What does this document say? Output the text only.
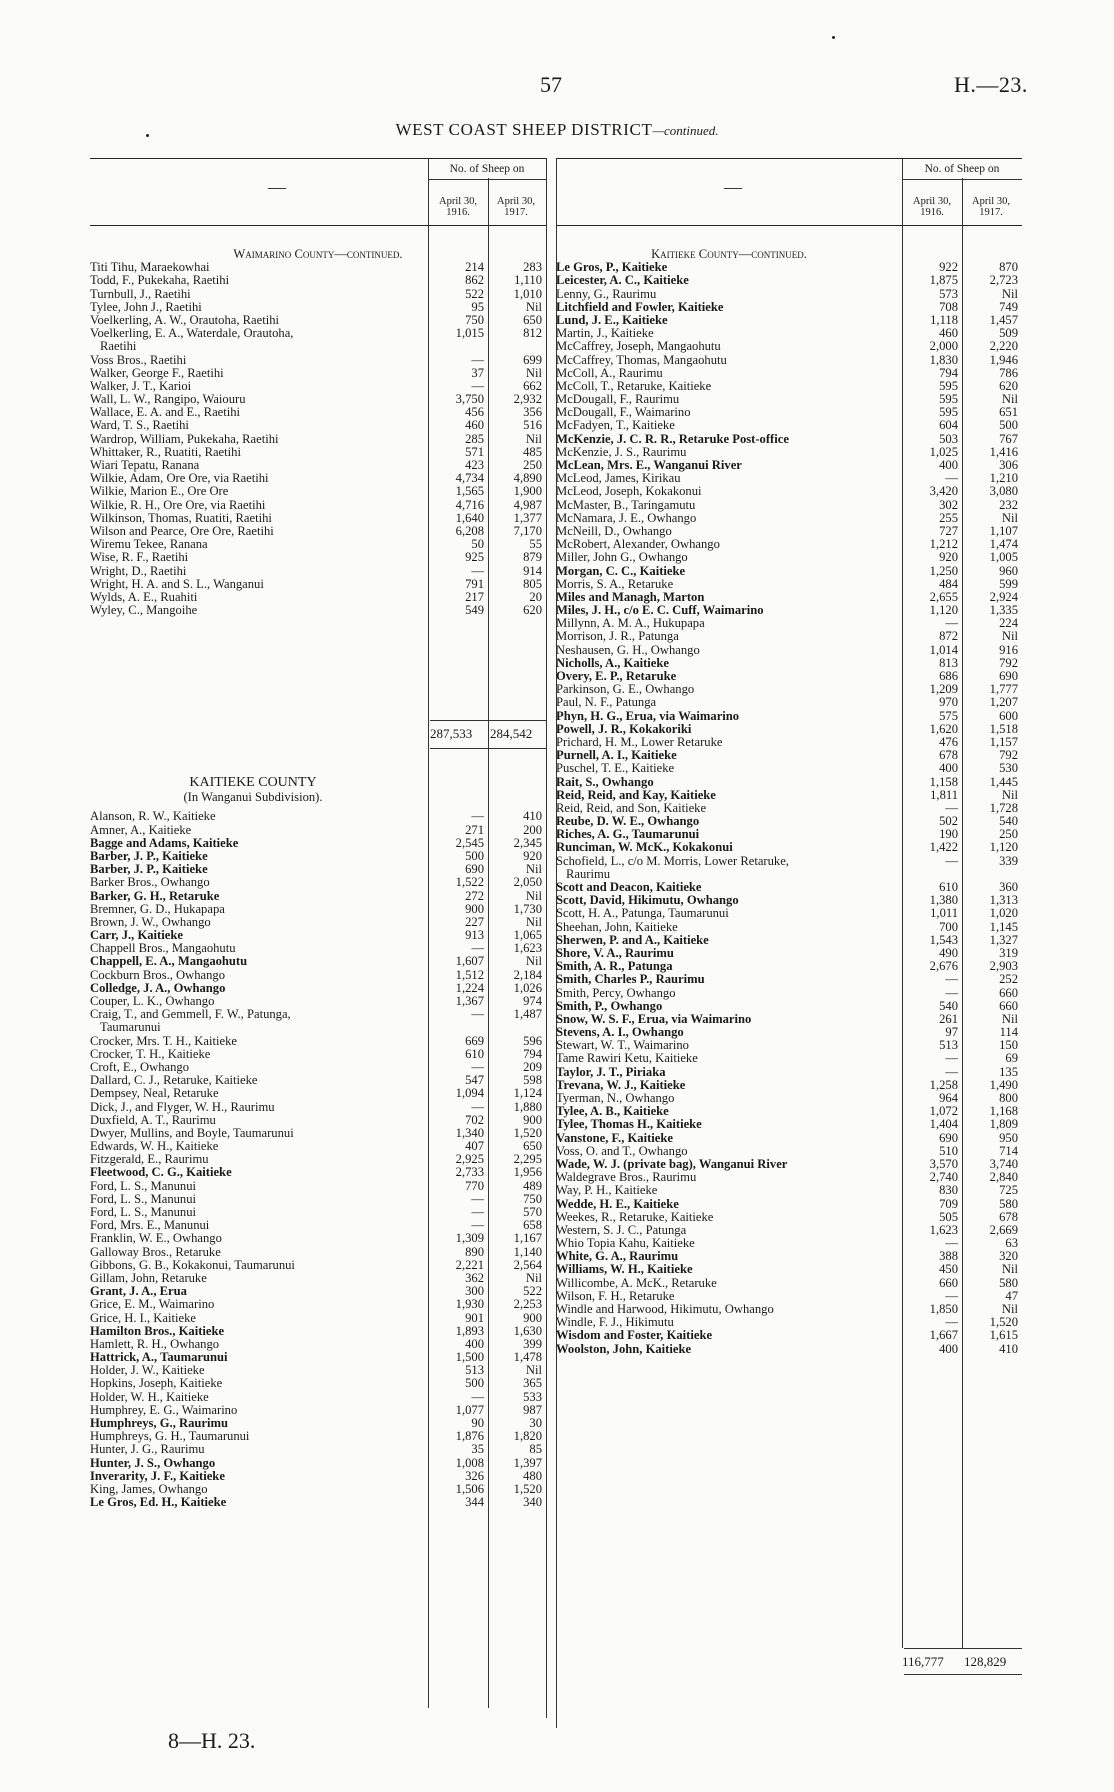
57	H.—23.
WEST COAST SHEEP DISTRICT—continued.
—
No. of Sheep on
April 30, 1916.
April 30, 1917.
Waimarino County—continued.
Titi Tihu, Maraekowhai	214	283
Todd, F., Pukekaha, Raetihi	862	1,110
Turnbull, J., Raetihi	522	1,010
Tylee, John J., Raetihi	95	Nil
Voelkerling, A. W., Orautoha, Raetihi	750	650
Voelkerling, E. A., Waterdale, Orautoha,	1,015	812
Raetihi
Voss Bros., Raetihi	—	699
Walker, George F., Raetihi	37	Nil
Walker, J. T., Karioi	—	662
Wall, L. W., Rangipo, Waiouru	3,750	2,932
Wallace, E. A. and E., Raetihi	456	356
Ward, T. S., Raetihi	460	516
Wardrop, William, Pukekaha, Raetihi	285	Nil
Whittaker, R., Ruatiti, Raetihi	571	485
Wiari Tepatu, Ranana	423	250
Wilkie, Adam, Ore Ore, via Raetihi	4,734	4,890
Wilkie, Marion E., Ore Ore	1,565	1,900
Wilkie, R. H., Ore Ore, via Raetihi	4,716	4,987
Wilkinson, Thomas, Ruatiti, Raetihi	1,640	1,377
Wilson and Pearce, Ore Ore, Raetihi	6,208	7,170
Wiremu Tekee, Ranana	50	55
Wise, R. F., Raetihi	925	879
Wright, D., Raetihi	—	914
Wright, H. A. and S. L., Wanganui	791	805
Wylds, A. E., Ruahiti	217	20
Wyley, C., Mangoihe	549	620
287,533 284,542
KAITIEKE COUNTY
(In Wanganui Subdivision).
Alanson, R. W., Kaitieke	—	410
Amner, A., Kaitieke	271	200
Bagge and Adams, Kaitieke	2,545	2,345
Barber, J. P., Kaitieke	500	920
Barber, J. P., Kaitieke	690	Nil
Barker Bros., Owhango	1,522	2,050
Barker, G. H., Retaruke	272	Nil
Bremner, G. D., Hukapapa	900	1,730
Brown, J. W., Owhango	227	Nil
Carr, J., Kaitieke	913	1,065
Chappell Bros., Mangaohutu	—	1,623
Chappell, E. A., Mangaohutu	1,607	Nil
Cockburn Bros., Owhango	1,512	2,184
Colledge, J. A., Owhango	1,224	1,026
Couper, L. K., Owhango	1,367	974
Craig, T., and Gemmell, F. W., Patunga,	—	1,487
Taumarunui
Crocker, Mrs. T. H., Kaitieke	669	596
Crocker, T. H., Kaitieke	610	794
Croft, E., Owhango	—	209
Dallard, C. J., Retaruke, Kaitieke	547	598
Dempsey, Neal, Retaruke	1,094	1,124
Dick, J., and Flyger, W. H., Raurimu	—	1,880
Duxfield, A. T., Raurimu	702	900
Dwyer, Mullins, and Boyle, Taumarunui	1,340	1,520
Edwards, W. H., Kaitieke	407	650
Fitzgerald, E., Raurimu	2,925	2,295
Fleetwood, C. G., Kaitieke	2,733	1,956
Ford, L. S., Manunui	770	489
Ford, L. S., Manunui	—	750
Ford, L. S., Manunui	—	570
Ford, Mrs. E., Manunui	—	658
Franklin, W. E., Owhango	1,309	1,167
Galloway Bros., Retaruke	890	1,140
Gibbons, G. B., Kokakonui, Taumarunui	2,221	2,564
Gillam, John, Retaruke	362	Nil
Grant, J. A., Erua	300	522
Grice, E. M., Waimarino	1,930	2,253
Grice, H. I., Kaitieke	901	900
Hamilton Bros., Kaitieke	1,893	1,630
Hamlett, R. H., Owhango	400	399
Hattrick, A., Taumarunui	1,500	1,478
Holder, J. W., Kaitieke	513	Nil
Hopkins, Joseph, Kaitieke	500	365
Holder, W. H., Kaitieke	—	533
Humphrey, E. G., Waimarino	1,077	987
Humphreys, G., Raurimu	90	30
Humphreys, G. H., Taumarunui	1,876	1,820
Hunter, J. G., Raurimu	35	85
Hunter, J. S., Owhango	1,008	1,397
Inverarity, J. F., Kaitieke	326	480
King, James, Owhango	1,506	1,520
Le Gros, Ed. H., Kaitieke	344	340
—
No. of Sheep on
April 30, 1916.
April 30, 1917.
Kaitieke County—continued.
Le Gros, P., Kaitieke	922	870
Leicester, A. C., Kaitieke	1,875	2,723
Lenny, G., Raurimu	573	Nil
Litchfield and Fowler, Kaitieke	708	749
Lund, J. E., Kaitieke	1,118	1,457
Martin, J., Kaitieke	460	509
McCaffrey, Joseph, Mangaohutu	2,000	2,220
McCaffrey, Thomas, Mangaohutu	1,830	1,946
McColl, A., Raurimu	794	786
McColl, T., Retaruke, Kaitieke	595	620
McDougall, F., Raurimu	595	Nil
McDougall, F., Waimarino	595	651
McFadyen, T., Kaitieke	604	500
McKenzie, J. C. R. R., Retaruke Post-office	503	767
McKenzie, J. S., Raurimu	1,025	1,416
McLean, Mrs. E., Wanganui River	400	306
McLeod, James, Kirikau	—	1,210
McLeod, Joseph, Kokakonui	3,420	3,080
McMaster, B., Taringamutu	302	232
McNamara, J. E., Owhango	255	Nil
McNeill, D., Owhango	727	1,107
McRobert, Alexander, Owhango	1,212	1,474
Miller, John G., Owhango	920	1,005
Morgan, C. C., Kaitieke	1,250	960
Morris, S. A., Retaruke	484	599
Miles and Managh, Marton	2,655	2,924
Miles, J. H., c/o E. C. Cuff, Waimarino	1,120	1,335
Millynn, A. M. A., Hukupapa	—	224
Morrison, J. R., Patunga	872	Nil
Neshausen, G. H., Owhango	1,014	916
Nicholls, A., Kaitieke	813	792
Overy, E. P., Retaruke	686	690
Parkinson, G. E., Owhango	1,209	1,777
Paul, N. F., Patunga	970	1,207
Phyn, H. G., Erua, via Waimarino	575	600
Powell, J. R., Kokakoriki	1,620	1,518
Prichard, H. M., Lower Retaruke	476	1,157
Purnell, A. I., Kaitieke	678	792
Puschel, T. E., Kaitieke	400	530
Rait, S., Owhango	1,158	1,445
Reid, Reid, and Kay, Kaitieke	1,811	Nil
Reid, Reid, and Son, Kaitieke	—	1,728
Reube, D. W. E., Owhango	502	540
Riches, A. G., Taumarunui	190	250
Runciman, W. McK., Kokakonui	1,422	1,120
Schofield, L., c/o M. Morris, Lower Retaruke,	—	339
Raurimu
Scott and Deacon, Kaitieke	610	360
Scott, David, Hikimutu, Owhango	1,380	1,313
Scott, H. A., Patunga, Taumarunui	1,011	1,020
Sheehan, John, Kaitieke	700	1,145
Sherwen, P. and A., Kaitieke	1,543	1,327
Shore, V. A., Raurimu	490	319
Smith, A. R., Patunga	2,676	2,903
Smith, Charles P., Raurimu	—	252
Smith, Percy, Owhango	—	660
Smith, P., Owhango	540	660
Snow, W. S. F., Erua, via Waimarino	261	Nil
Stevens, A. I., Owhango	97	114
Stewart, W. T., Waimarino	513	150
Tame Rawiri Ketu, Kaitieke	—	69
Taylor, J. T., Piriaka	—	135
Trevana, W. J., Kaitieke	1,258	1,490
Tyerman, N., Owhango	964	800
Tylee, A. B., Kaitieke	1,072	1,168
Tylee, Thomas H., Kaitieke	1,404	1,809
Vanstone, F., Kaitieke	690	950
Voss, O. and T., Owhango	510	714
Wade, W. J. (private bag), Wanganui River	3,570	3,740
Waldegrave Bros., Raurimu	2,740	2,840
Way, P. H., Kaitieke	830	725
Wedde, H. E., Kaitieke	709	580
Weekes, R., Retaruke, Kaitieke	505	678
Western, S. J. C., Patunga	1,623	2,669
Whio Topia Kahu, Kaitieke	—	63
White, G. A., Raurimu	388	320
Williams, W. H., Kaitieke	450	Nil
Willicombe, A. McK., Retaruke	660	580
Wilson, F. H., Retaruke	—	47
Windle and Harwood, Hikimutu, Owhango	1,850	Nil
Windle, F. J., Hikimutu	—	1,520
Wisdom and Foster, Kaitieke	1,667	1,615
Woolston, John, Kaitieke	400	410
116,777 128,829
8—H. 23.
